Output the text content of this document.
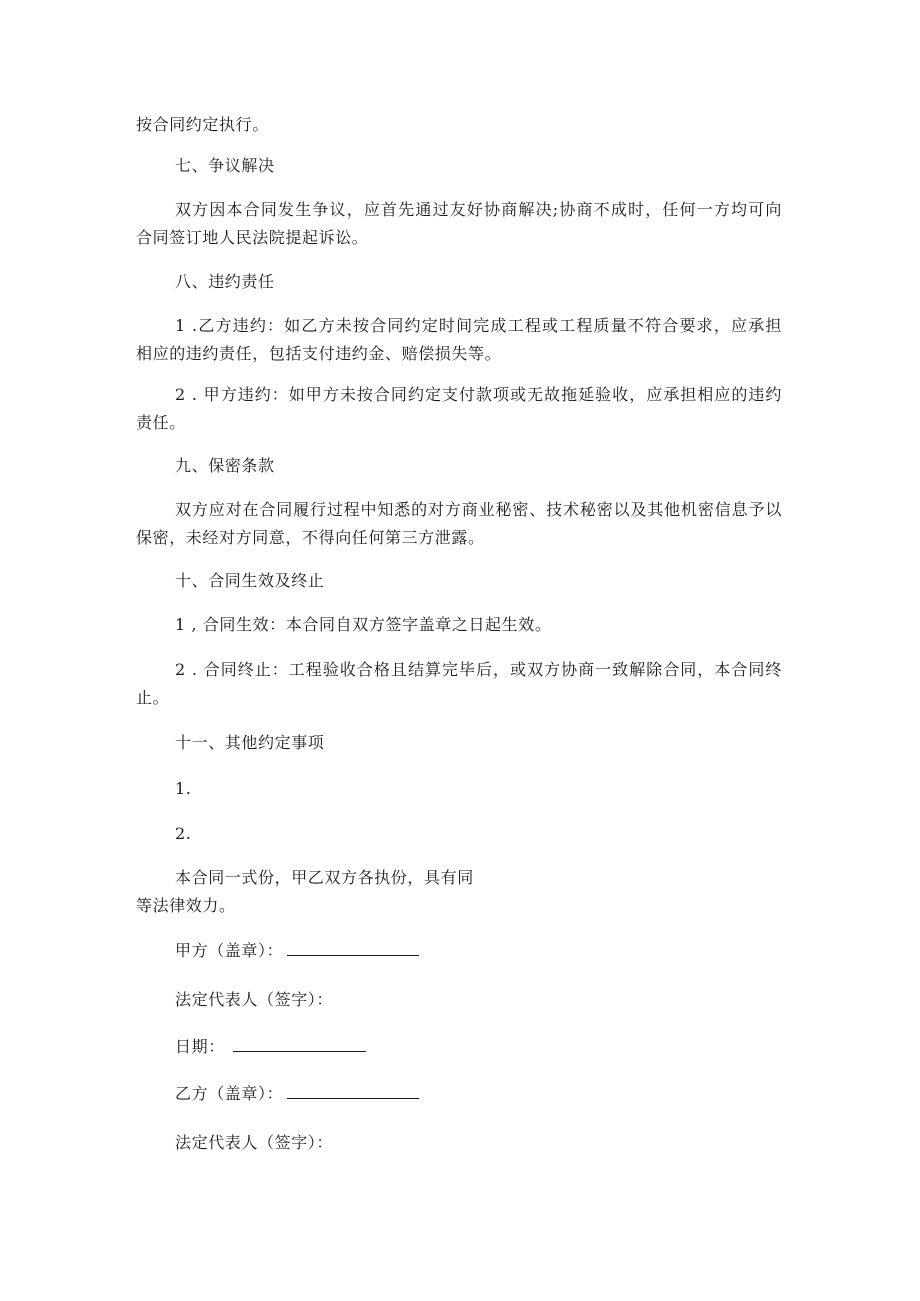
按合同约定执行。
七、争议解决
双方因本合同发生争议，应首先通过友好协商解决;协商不成时，任何一方均可向
合同签订地人民法院提起诉讼。
八、违约责任
1 .乙方违约：如乙方未按合同约定时间完成工程或工程质量不符合要求，应承担
相应的违约责任，包括支付违约金、赔偿损失等。
2 . 甲方违约：如甲方未按合同约定支付款项或无故拖延验收，应承担相应的违约
责任。
九、保密条款
双方应对在合同履行过程中知悉的对方商业秘密、技术秘密以及其他机密信息予以
保密，未经对方同意，不得向任何第三方泄露。
十、合同生效及终止
1 , 合同生效：本合同自双方签字盖章之日起生效。
2 . 合同终止：工程验收合格且结算完毕后，或双方协商一致解除合同，本合同终
止。
十一、其他约定事项
1.
2.
本合同一式份，甲乙双方各执份，具有同
等法律效力。
甲方（盖章）：
法定代表人（签字）：
日期：
乙方（盖章）：
法定代表人（签字）：
